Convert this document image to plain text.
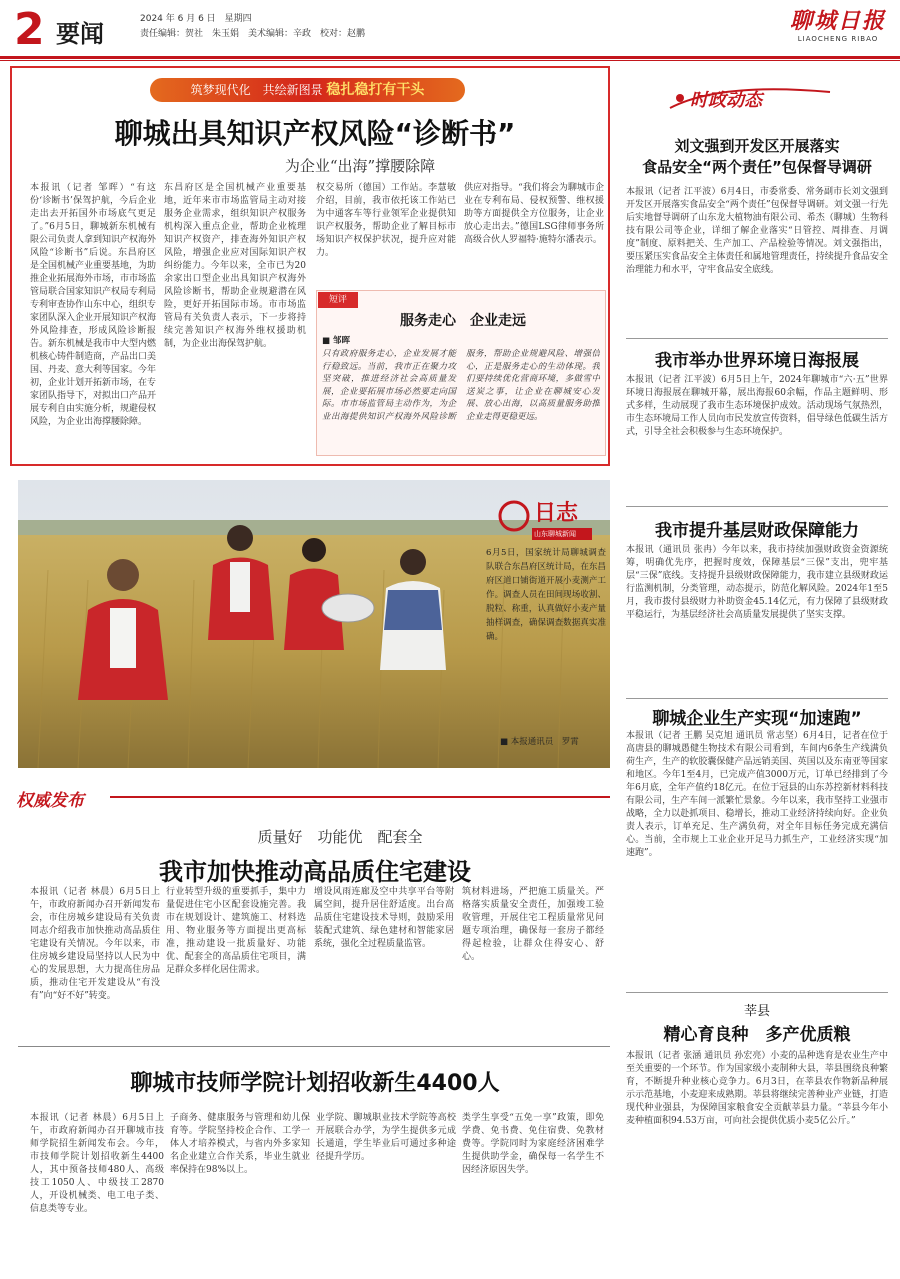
2 要闻
2024 年 6 月 6 日　星期四
责任编辑：贺社　朱玉娟　美术编辑：辛政　校对：赵鹏	聊城日报
LIAOCHENG RIBAO
筑梦现代化　共绘新图景 稳扎稳打有干头
聊城出具知识产权风险“诊断书”
为企业“出海”撑腰除障
本报讯（记者 邹晖）“有这份‘诊断书’保驾护航，今后企业走出去开拓国外市场底气更足了。”6月5日，聊城新东机械有限公司负责人拿到知识产权海外风险“诊断书”后说。东昌府区是全国机械产业重要基地，为助推企业拓展海外市场，市市场监管局联合国家知识产权局专利局专利审查协作山东中心，组织专家团队深入企业开展知识产权海外风险排查，形成风险诊断报告。新东机械是我市中大型内燃机核心铸件制造商，产品出口美国、丹麦、意大利等国家。今年初，企业计划开拓新市场，在专家团队指导下，对拟出口产品开展专利自由实施分析，规避侵权风险，为企业出海撑腰除障。
东昌府区是全国机械产业重要基地，近年来市市场监管局主动对接服务企业需求，组织知识产权服务机构深入重点企业，帮助企业梳理知识产权资产，排查海外知识产权风险，增强企业应对国际知识产权纠纷能力。今年以来，全市已为20余家出口型企业出具知识产权海外风险诊断书，帮助企业规避潜在风险，更好开拓国际市场。市市场监管局有关负责人表示，下一步将持续完善知识产权海外维权援助机制，为企业出海保驾护航。
权交易所（德国）工作站。李慧敏介绍，目前，我市依托该工作站已为中通客车等行业领军企业提供知识产权服务，帮助企业了解目标市场知识产权保护状况，提升应对能力。
供应对指导。“我们将会为聊城市企业在专利布局、侵权预警、维权援助等方面提供全方位服务，让企业放心走出去。”德国LSG律师事务所高级合伙人罗福特·施特尔潘表示。
短评
服务走心　企业走远
■ 邹晖
只有政府服务走心，企业发展才能行稳致远。当前，我市正在聚力攻坚突破，推进经济社会高质量发展，企业要拓展市场必然要走向国际。市市场监管局主动作为，为企业出海提供知识产权海外风险诊断服务，帮助企业规避风险、增强信心，正是服务走心的生动体现。我们要持续优化营商环境，多做雪中送炭之事，让企业在聊城安心发展、放心出海，以高质量服务助推企业走得更稳更远。
日志
山东聊城新闻
6月5日，国家统计局聊城调查队联合东昌府区统计局，在东昌府区道口铺街道开展小麦测产工作。调查人员在田间现场收割、脱粒、称重，认真做好小麦产量抽样调查，确保调查数据真实准确。
■ 本报通讯员　罗霄
权威发布
质量好　功能优　配套全
我市加快推动高品质住宅建设
本报讯（记者 林晨）6月5日上午，市政府新闻办召开新闻发布会，市住房城乡建设局有关负责同志介绍我市加快推动高品质住宅建设有关情况。今年以来，市住房城乡建设局坚持以人民为中心的发展思想，大力提高住房品质，推动住宅开发建设从“有没有”向“好不好”转变。
行业转型升级的重要抓手，集中力量促进住宅小区配套设施完善。我市在规划设计、建筑施工、材料选用、物业服务等方面提出更高标准，推动建设一批质量好、功能优、配套全的高品质住宅项目，满足群众多样化居住需求。
增设风雨连廊及空中共享平台等附属空间，提升居住舒适度。出台高品质住宅建设技术导则，鼓励采用装配式建筑、绿色建材和智能家居系统，强化全过程质量监管。
筑材料进场，严把施工质量关。严格落实质量安全责任，加强竣工验收管理，开展住宅工程质量常见问题专项治理，确保每一套房子都经得起检验，让群众住得安心、舒心。
聊城市技师学院计划招收新生4400人
本报讯（记者 林晨）6月5日上午，市政府新闻办召开聊城市技师学院招生新闻发布会。今年，市技师学院计划招收新生4400人，其中预备技师480人、高级技工1050人、中级技工2870人，开设机械类、电工电子类、信息类等专业。
子商务、健康服务与管理和幼儿保育等。学院坚持校企合作、工学一体人才培养模式，与省内外多家知名企业建立合作关系，毕业生就业率保持在98%以上。
业学院、聊城职业技术学院等高校开展联合办学，为学生提供多元成长通道，学生毕业后可通过多种途径提升学历。
类学生享受“五免一享”政策，即免学费、免书费、免住宿费、免教材费等。学院同时为家庭经济困难学生提供助学金，确保每一名学生不因经济原因失学。
时政动态
刘文强到开发区开展落实
食品安全“两个责任”包保督导调研
本报讯（记者 江平波）6月4日，市委常委、常务副市长刘文强到开发区开展落实食品安全“两个责任”包保督导调研。刘文强一行先后实地督导调研了山东龙大植物油有限公司、希杰（聊城）生物科技有限公司等企业，详细了解企业落实“日管控、周排查、月调度”制度、原料把关、生产加工、产品检验等情况。刘文强指出，要压紧压实食品安全主体责任和属地管理责任，持续提升食品安全治理能力和水平，守牢食品安全底线。
我市举办世界环境日海报展
本报讯（记者 江平波）6月5日上午，2024年聊城市“六·五”世界环境日海报展在聊城开幕，展出海报60余幅，作品主题鲜明、形式多样，生动展现了我市生态环境保护成效。活动现场气氛热烈，市生态环境局工作人员向市民发放宣传资料，倡导绿色低碳生活方式，引导全社会积极参与生态环境保护。
我市提升基层财政保障能力
本报讯（通讯员 张冉）今年以来，我市持续加强财政资金资源统筹，明确优先序，把握时度效，保障基层“三保”支出，兜牢基层“三保”底线。支持提升县级财政保障能力，我市建立县级财政运行监测机制，分类管理，动态提示，防范化解风险。2024年1至5月，我市拨付县级财力补助资金45.14亿元，有力保障了县级财政平稳运行，为基层经济社会高质量发展提供了坚实支撑。
聊城企业生产实现“加速跑”
本报讯（记者 王鹏 吴克旭 通讯员 常志坚）6月4日，记者在位于高唐县的聊城愚健生物技术有限公司看到，车间内6条生产线满负荷生产，生产的软胶囊保健产品远销美国、英国以及东南亚等国家和地区。今年1至4月，已完成产值3000万元，订单已经排到了今年6月底，全年产值约18亿元。在位于冠县的山东苏控新材料科技有限公司，生产车间一派繁忙景象。今年以来，我市坚持工业强市战略，全力以赴抓项目、稳增长，推动工业经济持续向好。企业负责人表示，订单充足、生产满负荷，对全年目标任务完成充满信心。当前，全市规上工业企业开足马力抓生产，工业经济实现“加速跑”。
莘县
精心育良种　多产优质粮
本报讯（记者 张涵 通讯员 孙宏亮）小麦的品种选育是农业生产中至关重要的一个环节。作为国家级小麦制种大县，莘县围绕良种繁育，不断提升种业核心竞争力。6月3日，在莘县农作物新品种展示示范基地，小麦迎来成熟期。莘县将继续完善种业产业链，打造现代种业强县，为保障国家粮食安全贡献莘县力量。“莘县今年小麦种植面积94.53万亩，可向社会提供优质小麦5亿公斤。”
